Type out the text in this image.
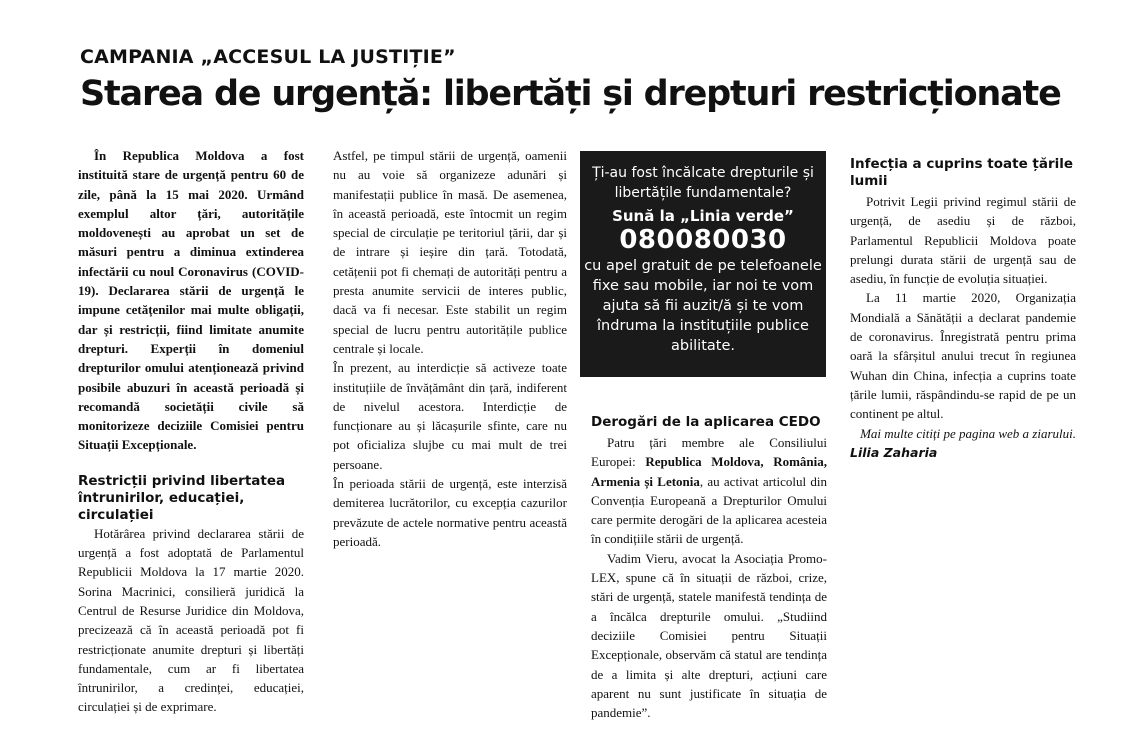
CAMPANIA „ACCESUL LA JUSTIȚIE”
Starea de urgență: libertăți și drepturi restricționate

În Republica Moldova a fost instituită stare de urgență pentru 60 de zile, până la 15 mai 2020. Urmând exemplul altor țări, autoritățile moldovenești au aprobat un set de măsuri pentru a diminua extinderea infectării cu noul Coronavirus (COVID-19). Declararea stării de urgență le impune cetățenilor mai multe obligații, dar și restricții, fiind limitate anumite drepturi. Experții în domeniul drepturilor omului atenționează privind posibile abuzuri în această perioadă și recomandă societății civile să monitorizeze deciziile Comisiei pentru Situații Excepționale.

Restricții privind libertatea întrunirilor, educației, circulației

Hotărârea privind declararea stării de urgență a fost adoptată de Parlamentul Republicii Moldova la 17 martie 2020. Sorina Macrinici, consilieră juridică la Centrul de Resurse Juridice din Moldova, precizează că în această perioadă pot fi restricționate anumite drepturi și libertăți fundamentale, cum ar fi libertatea întrunirilor, a credinței, educației, circulației și de exprimare.

Astfel, pe timpul stării de urgență, oamenii nu au voie să organizeze adunări și manifestații publice în masă. De asemenea, în această perioadă, este întocmit un regim special de circulație pe teritoriul țării, dar și de intrare și ieșire din țară. Totodată, cetățenii pot fi chemați de autorități pentru a presta anumite servicii de interes public, dacă va fi necesar. Este stabilit un regim special de lucru pentru autoritățile publice centrale și locale.

În prezent, au interdicție să activeze toate instituțiile de învățământ din țară, indiferent de nivelul acestora. Interdicție de funcționare au și lăcașurile sfinte, care nu pot oficializa slujbe cu mai mult de trei persoane.

În perioada stării de urgență, este interzisă demiterea lucrătorilor, cu excepția cazurilor prevăzute de actele normative pentru această perioadă.

Ți-au fost încălcate drepturile și libertățile fundamentale?
Sună la „Linia verde”
080080030
cu apel gratuit de pe telefoanele fixe sau mobile, iar noi te vom ajuta să fii auzit/ă și te vom îndruma la instituțiile publice abilitate.

Derogări de la aplicarea CEDO

Patru țări membre ale Consiliului Europei: Republica Moldova, România, Armenia și Letonia, au activat articolul din Convenția Europeană a Drepturilor Omului care permite derogări de la aplicarea acesteia în condițiile stării de urgență.

Vadim Vieru, avocat la Asociația Promo-LEX, spune că în situații de război, crize, stări de urgență, statele manifestă tendința de a încălca drepturile omului. „Studiind deciziile Comisiei pentru Situații Excepționale, observăm că statul are tendința de a limita și alte drepturi, acțiuni care aparent nu sunt justificate în situația de pandemie”.

Infecția a cuprins toate țările lumii

Potrivit Legii privind regimul stării de urgență, de asediu și de război, Parlamentul Republicii Moldova poate prelungi durata stării de urgență sau de asediu, în funcție de evoluția situației.

La 11 martie 2020, Organizația Mondială a Sănătății a declarat pandemie de coronavirus. Înregistrată pentru prima oară la sfârșitul anului trecut în regiunea Wuhan din China, infecția a cuprins toate țările lumii, răspândindu-se rapid de pe un continent pe altul.

Mai multe citiți pe pagina web a ziarului.

Lilia Zaharia
